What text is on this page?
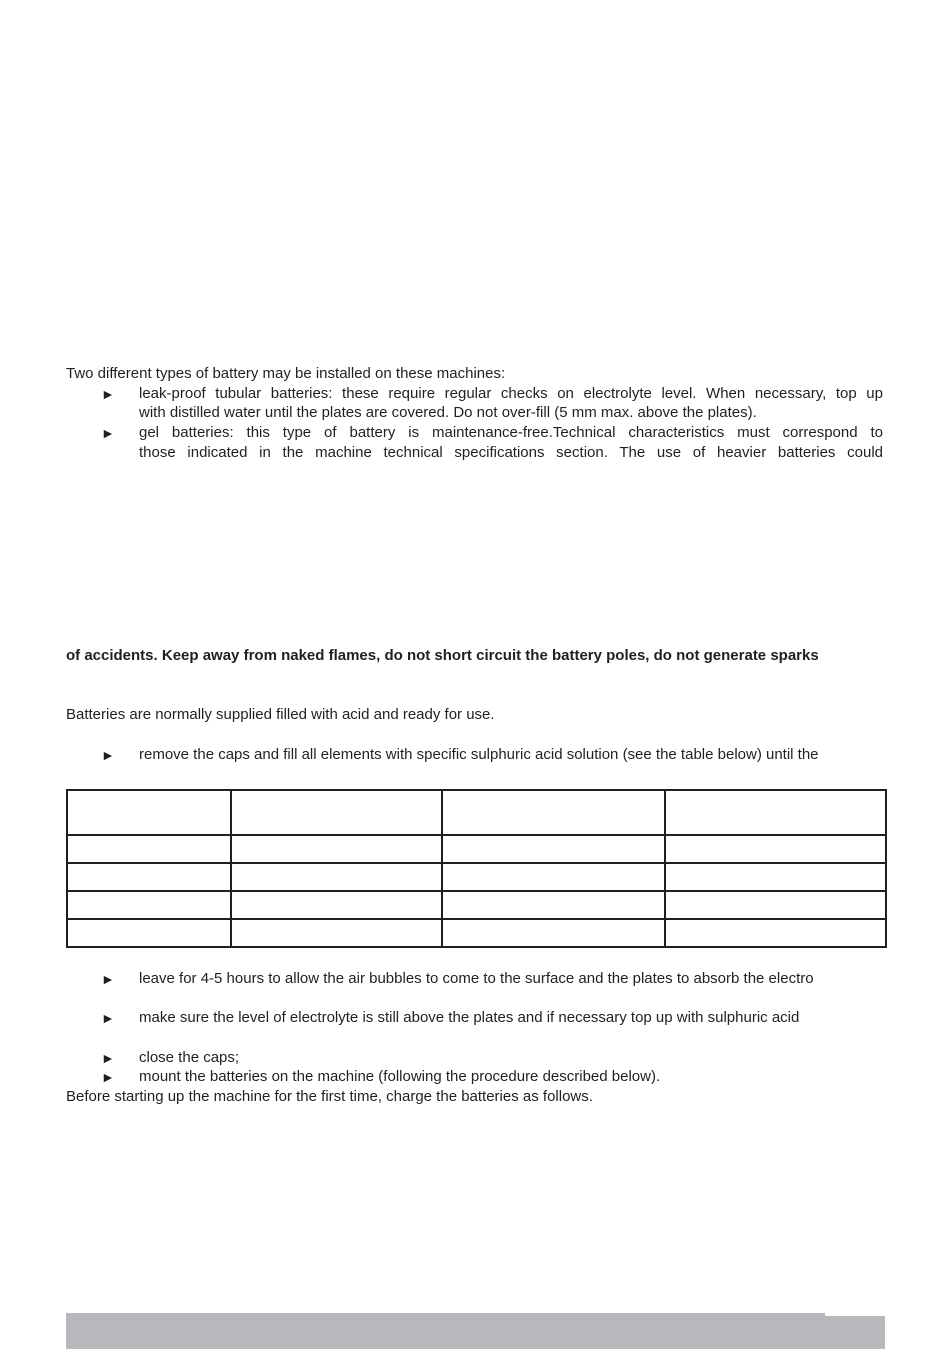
Two different types of battery may be installed on these machines:
► leak-proof tubular batteries: these require regular checks on electrolyte level. When necessary, top up
with distilled water until the plates are covered. Do not over-fill (5 mm max. above the plates).
► gel batteries: this type of battery is maintenance-free.Technical characteristics must correspond to
those indicated in the machine technical specifications section. The use of heavier batteries could
of accidents. Keep away from naked flames, do not short circuit the battery poles, do not generate sparks
Batteries are normally supplied filled with acid and ready for use.
► remove the caps and fill all elements with specific sulphuric acid solution (see the table below) until the

► leave for 4-5 hours to allow the air bubbles to come to the surface and the plates to absorb the electro
► make sure the level of electrolyte is still above the plates and if necessary top up with sulphuric acid
► close the caps;
► mount the batteries on the machine (following the procedure described below).
Before starting up the machine for the first time, charge the batteries as follows.
